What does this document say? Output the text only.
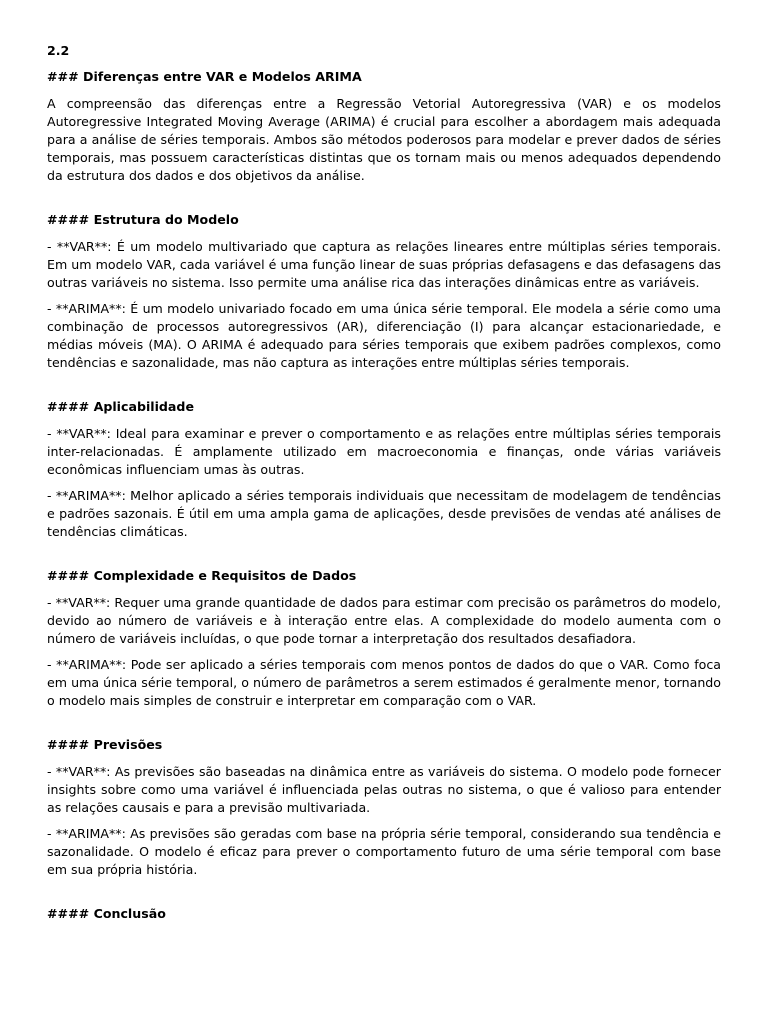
2.2
### Diferenças entre VAR e Modelos ARIMA

A compreensão das diferenças entre a Regressão Vetorial Autoregressiva (VAR) e os modelos Autoregressive Integrated Moving Average (ARIMA) é crucial para escolher a abordagem mais adequada para a análise de séries temporais. Ambos são métodos poderosos para modelar e prever dados de séries temporais, mas possuem características distintas que os tornam mais ou menos adequados dependendo da estrutura dos dados e dos objetivos da análise.

#### Estrutura do Modelo

- **VAR**: É um modelo multivariado que captura as relações lineares entre múltiplas séries temporais. Em um modelo VAR, cada variável é uma função linear de suas próprias defasagens e das defasagens das outras variáveis no sistema. Isso permite uma análise rica das interações dinâmicas entre as variáveis.

- **ARIMA**: É um modelo univariado focado em uma única série temporal. Ele modela a série como uma combinação de processos autoregressivos (AR), diferenciação (I) para alcançar estacionariedade, e médias móveis (MA). O ARIMA é adequado para séries temporais que exibem padrões complexos, como tendências e sazonalidade, mas não captura as interações entre múltiplas séries temporais.

#### Aplicabilidade

- **VAR**: Ideal para examinar e prever o comportamento e as relações entre múltiplas séries temporais inter-relacionadas. É amplamente utilizado em macroeconomia e finanças, onde várias variáveis econômicas influenciam umas às outras.

- **ARIMA**: Melhor aplicado a séries temporais individuais que necessitam de modelagem de tendências e padrões sazonais. É útil em uma ampla gama de aplicações, desde previsões de vendas até análises de tendências climáticas.

#### Complexidade e Requisitos de Dados

- **VAR**: Requer uma grande quantidade de dados para estimar com precisão os parâmetros do modelo, devido ao número de variáveis e à interação entre elas. A complexidade do modelo aumenta com o número de variáveis incluídas, o que pode tornar a interpretação dos resultados desafiadora.

- **ARIMA**: Pode ser aplicado a séries temporais com menos pontos de dados do que o VAR. Como foca em uma única série temporal, o número de parâmetros a serem estimados é geralmente menor, tornando o modelo mais simples de construir e interpretar em comparação com o VAR.

#### Previsões

- **VAR**: As previsões são baseadas na dinâmica entre as variáveis do sistema. O modelo pode fornecer insights sobre como uma variável é influenciada pelas outras no sistema, o que é valioso para entender as relações causais e para a previsão multivariada.

- **ARIMA**: As previsões são geradas com base na própria série temporal, considerando sua tendência e sazonalidade. O modelo é eficaz para prever o comportamento futuro de uma série temporal com base em sua própria história.

#### Conclusão
